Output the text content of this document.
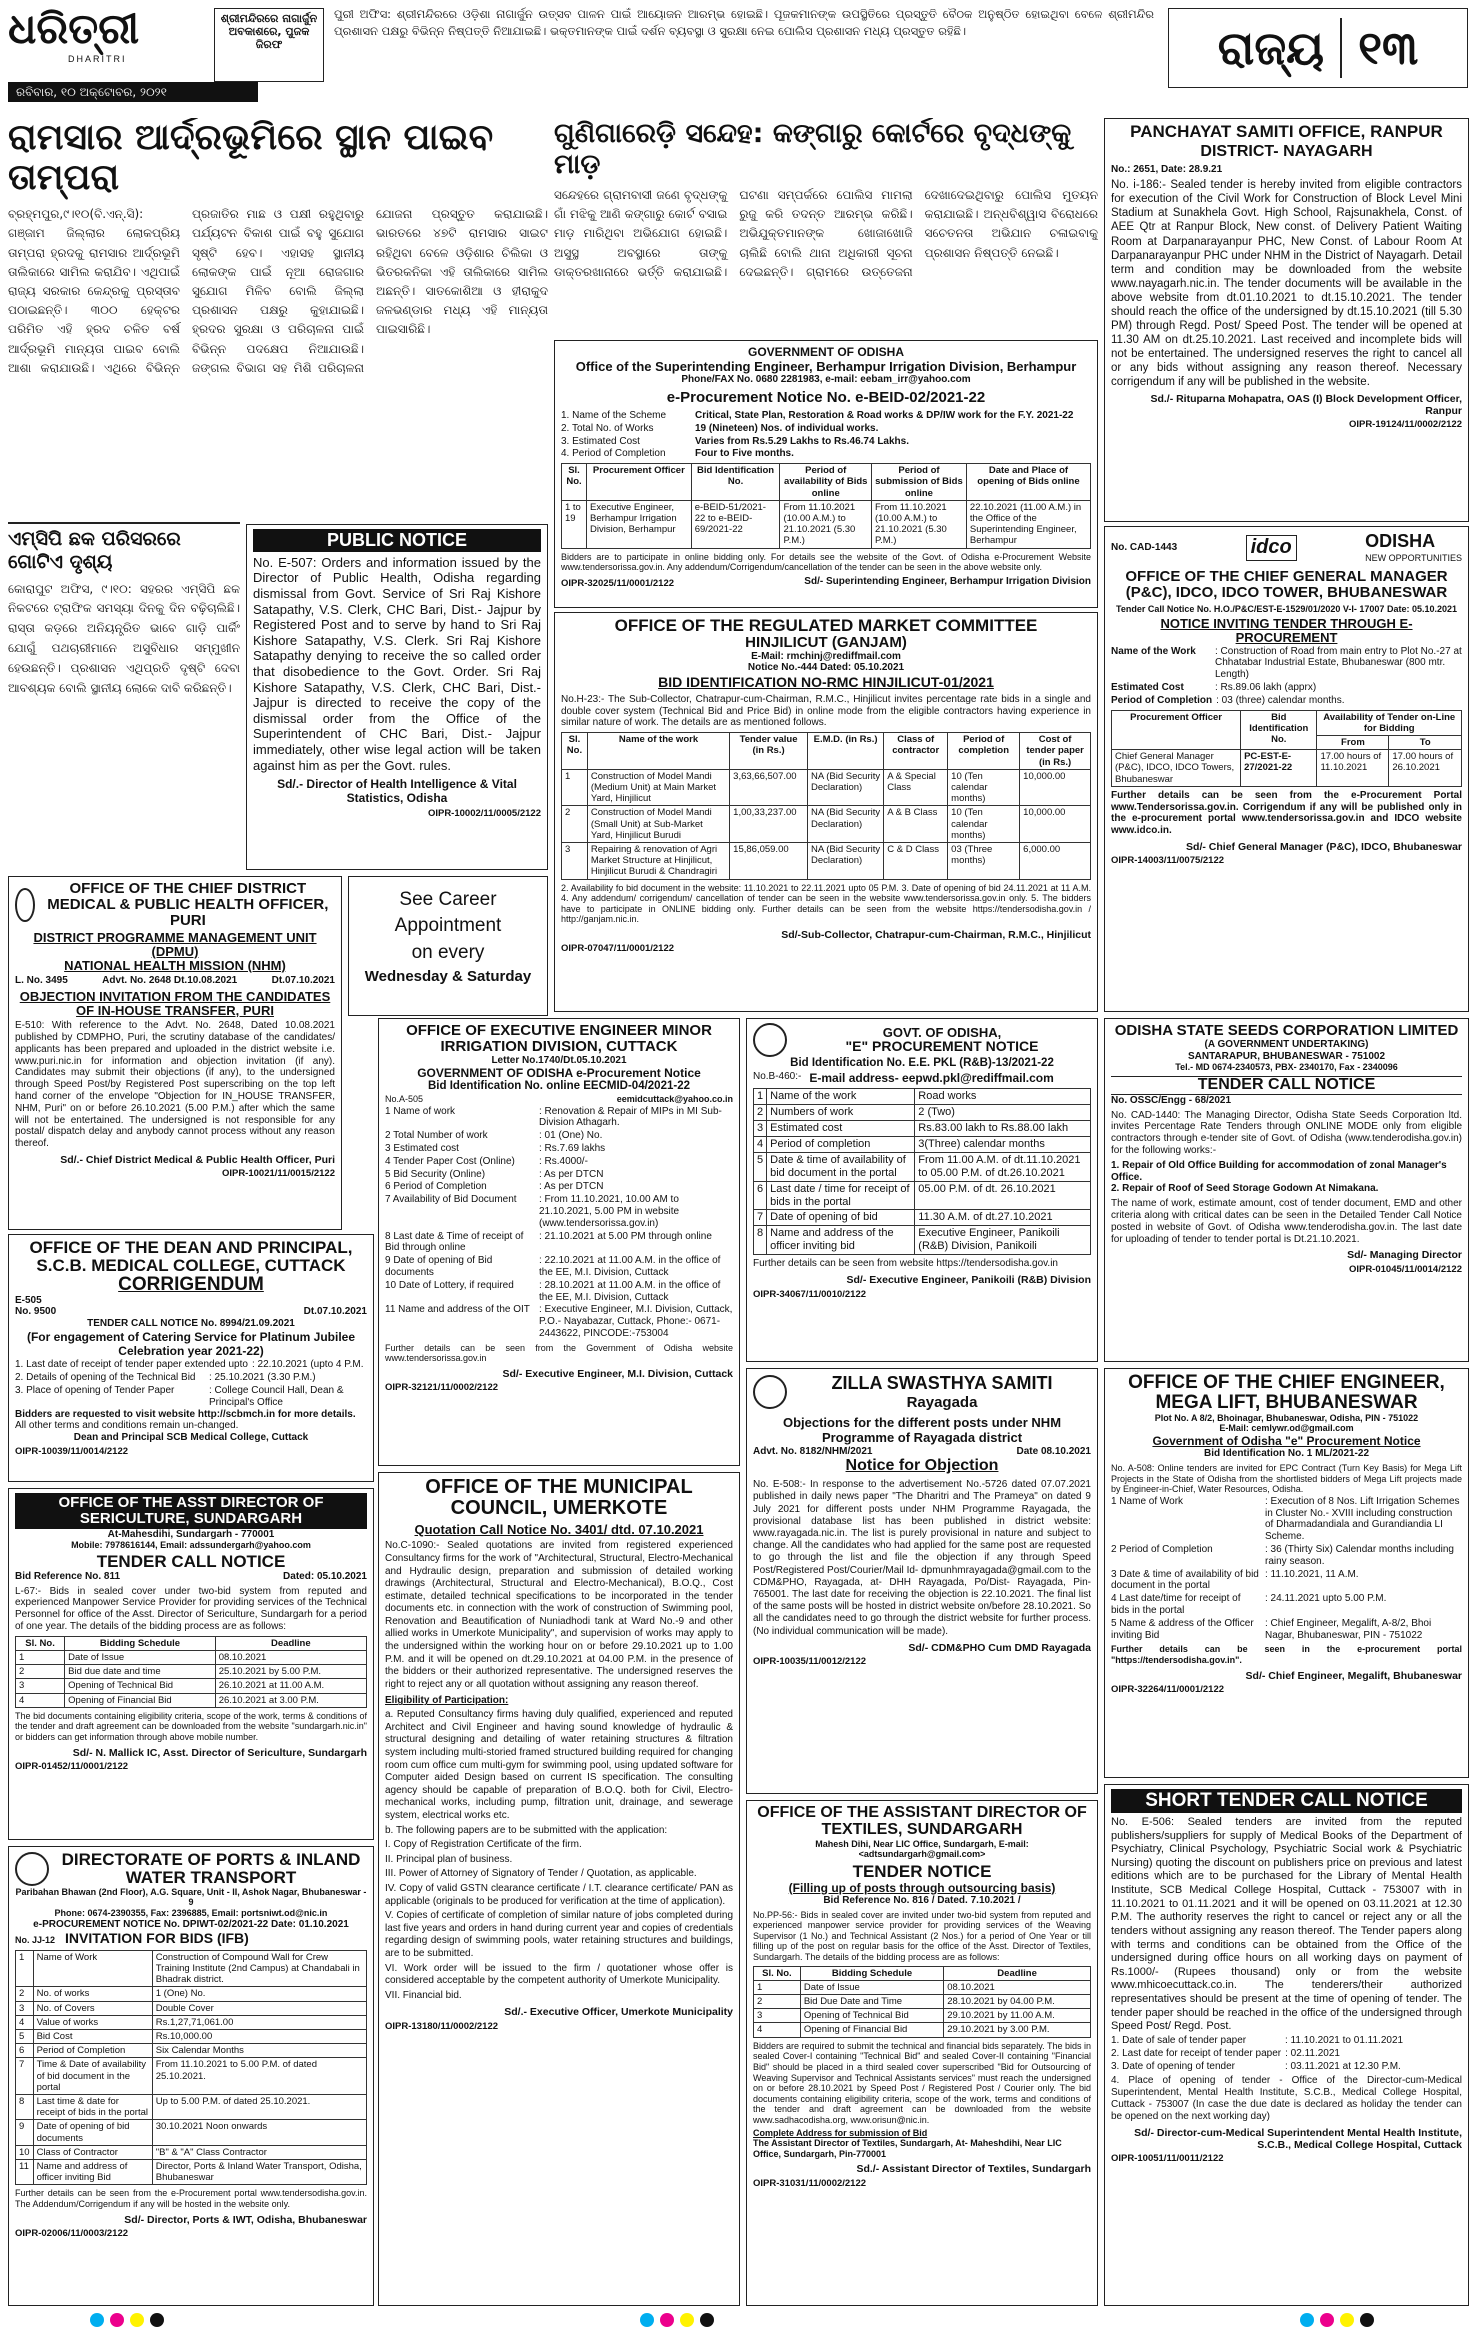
ଧରିତ୍ରୀ
DHARITRI
ରବିବାର, ୧୦ ଅକ୍ଟୋବର, ୨୦୨୧
ଶ୍ରୀମନ୍ଦିରରେ ନାଗାର୍ଜୁନ ଅବକାଶରେ, ପୁଜକ ଜିରଫ
ପୁରୀ ଅଫିସ: ଶ୍ରୀମନ୍ଦିରରେ ଓଡ଼ିଶା ନାଗାର୍ଜୁନ ଉତ୍ସବ ପାଳନ ପାଇଁ ଆୟୋଜନ ଆରମ୍ଭ ହୋଇଛି। ପୂଜକମାନଙ୍କ ଉପସ୍ଥିତିରେ ପ୍ରସ୍ତୁତି ବୈଠକ ଅନୁଷ୍ଠିତ ହୋଇଥିବା ବେଳେ ଶ୍ରୀମନ୍ଦିର ପ୍ରଶାସନ ପକ୍ଷରୁ ବିଭିନ୍ନ ନିଷ୍ପତ୍ତି ନିଆଯାଇଛି। ଭକ୍ତମାନଙ୍କ ପାଇଁ ଦର୍ଶନ ବ୍ୟବସ୍ଥା ଓ ସୁରକ୍ଷା ନେଇ ପୋଲିସ ପ୍ରଶାସନ ମଧ୍ୟ ପ୍ରସ୍ତୁତ ରହିଛି।	ରାଜ୍ୟ ୧୩
ରାମସାର ଆର୍ଦ୍ରଭୂମିରେ ସ୍ଥାନ ପାଇବ ତାମ୍ପରା
ବ୍ରହ୍ମପୁର,୯।୧୦(ବି.ଏନ୍.ସି): ଗଞ୍ଜାମ ଜିଲ୍ଲାର ଲୋକପ୍ରିୟ ତାମ୍ପରା ହ୍ରଦକୁ ରାମସାର ଆର୍ଦ୍ରଭୂମି ତାଲିକାରେ ସାମିଲ କରାଯିବ। ଏଥିପାଇଁ ରାଜ୍ୟ ସରକାର କେନ୍ଦ୍ରକୁ ପ୍ରସ୍ତାବ ପଠାଇଛନ୍ତି। ୩୦୦ ହେକ୍ଟର ପରିମିତ ଏହି ହ୍ରଦ ଚଳିତ ବର୍ଷ ଆର୍ଦ୍ରଭୂମି ମାନ୍ୟତା ପାଇବ ବୋଲି ଆଶା କରାଯାଉଛି। ଏଥିରେ ବିଭିନ୍ନ ପ୍ରଜାତିର ମାଛ ଓ ପକ୍ଷୀ ରହୁଥିବାରୁ ପର୍ଯ୍ୟଟନ ବିକାଶ ପାଇଁ ବହୁ ସୁଯୋଗ ସୃଷ୍ଟି ହେବ। ଏହାସହ ସ୍ଥାନୀୟ ଲୋକଙ୍କ ପାଇଁ ନୂଆ ରୋଜଗାର ସୁଯୋଗ ମିଳିବ ବୋଲି ଜିଲ୍ଲା ପ୍ରଶାସନ ପକ୍ଷରୁ କୁହାଯାଇଛି। ହ୍ରଦର ସୁରକ୍ଷା ଓ ପରିଚାଳନା ପାଇଁ ବିଭିନ୍ନ ପଦକ୍ଷେପ ନିଆଯାଉଛି। ଜଙ୍ଗଲ ବିଭାଗ ସହ ମିଶି ପରିଚାଳନା ଯୋଜନା ପ୍ରସ୍ତୁତ କରାଯାଇଛି। ଭାରତରେ ୪୭ଟି ରାମସାର ସାଇଟ ରହିଥିବା ବେଳେ ଓଡ଼ିଶାର ଚିଲିକା ଓ ଭିତରକନିକା ଏହି ତାଲିକାରେ ସାମିଲ ଅଛନ୍ତି। ସାତକୋଶିଆ ଓ ହୀରାକୁଦ ଜଳଭଣ୍ଡାର ମଧ୍ୟ ଏହି ମାନ୍ୟତା ପାଇସାରିଛି।
ଏମ୍‌ସିପି ଛକ ପରିସରରେ ଗୋଟିଏ ଦୃଶ୍ୟ
କୋରାପୁଟ ଅଫିସ, ୯।୧୦: ସହରର ଏମ୍‌ସିପି ଛକ ନିକଟରେ ଟ୍ରାଫିକ ସମସ୍ୟା ଦିନକୁ ଦିନ ବଢ଼ିଚାଲିଛି। ରାସ୍ତା କଡ଼ରେ ଅନିୟନ୍ତ୍ରିତ ଭାବେ ଗାଡ଼ି ପାର୍କିଂ ଯୋଗୁଁ ପଥଚାରୀମାନେ ଅସୁବିଧାର ସମ୍ମୁଖୀନ ହେଉଛନ୍ତି। ପ୍ରଶାସନ ଏଥିପ୍ରତି ଦୃଷ୍ଟି ଦେବା ଆବଶ୍ୟକ ବୋଲି ସ୍ଥାନୀୟ ଲୋକେ ଦାବି କରିଛନ୍ତି।
PUBLIC NOTICE
No. E-507: Orders and information issued by the Director of Public Health, Odisha regarding dismissal from Govt. Service of Sri Raj Kishore Satapathy, V.S. Clerk, CHC Bari, Dist.- Jajpur by Registered Post and to serve by hand to Sri Raj Kishore Satapathy, V.S. Clerk. Sri Raj Kishore Satapathy denying to receive the so called order that disobedience to the Govt. Order. Sri Raj Kishore Satapathy, V.S. Clerk, CHC Bari, Dist.- Jajpur is directed to receive the copy of the dismissal order from the Office of the Superintendent of CHC Bari, Dist.- Jajpur immediately, other wise legal action will be taken against him as per the Govt. rules.
Sd/.- Director of Health Intelligence & Vital Statistics, Odisha
OIPR-10002/11/0005/2122
ଗୁଣିଗାରେଡ଼ି ସନ୍ଦେହ: କଙ୍ଗାରୁ କୋର୍ଟରେ ବୃଦ୍ଧଙ୍କୁ ମାଡ଼
ସନ୍ଦେହରେ ଗ୍ରାମବାସୀ ଜଣେ ବୃଦ୍ଧଙ୍କୁ ଗାଁ ମଝିକୁ ଆଣି କଙ୍ଗାରୁ କୋର୍ଟ ବସାଇ ମାଡ଼ ମାରିଥିବା ଅଭିଯୋଗ ହୋଇଛି। ଅସୁସ୍ଥ ଅବସ୍ଥାରେ ତାଙ୍କୁ ଡାକ୍ତରଖାନାରେ ଭର୍ତ୍ତି କରାଯାଇଛି। ଘଟଣା ସମ୍ପର୍କରେ ପୋଲିସ ମାମଲା ରୁଜୁ କରି ତଦନ୍ତ ଆରମ୍ଭ କରିଛି। ଅଭିଯୁକ୍ତମାନଙ୍କ ଖୋଜାଖୋଜି ଚାଲିଛି ବୋଲି ଥାନା ଅଧିକାରୀ ସୂଚନା ଦେଇଛନ୍ତି। ଗ୍ରାମରେ ଉତ୍ତେଜନା ଦେଖାଦେଇଥିବାରୁ ପୋଲିସ ମୁତୟନ କରାଯାଇଛି। ଅନ୍ଧବିଶ୍ୱାସ ବିରୋଧରେ ସଚେତନତା ଅଭିଯାନ ଚଳାଇବାକୁ ପ୍ରଶାସନ ନିଷ୍ପତ୍ତି ନେଇଛି।
GOVERNMENT OF ODISHA
Office of the Superintending Engineer, Berhampur Irrigation Division, Berhampur
Phone/FAX No. 0680 2281983, e-mail: eebam_irr@yahoo.com
e-Procurement Notice No. e-BEID-02/2021-22
1. Name of the Scheme	Critical, State Plan, Restoration & Road works & DP/IW work for the F.Y. 2021-22
2. Total No. of Works	19 (Nineteen) Nos. of individual works.
3. Estimated Cost	Varies from Rs.5.29 Lakhs to Rs.46.74 Lakhs.
4. Period of Completion	Four to Five months.
Sl. No.	Procurement Officer	Bid Identification No.	Period of availability of Bids online	Period of submission of Bids online	Date and Place of opening of Bids online
1 to 19	Executive Engineer, Berhampur Irrigation Division, Berhampur	e-BEID-51/2021-22 to e-BEID-69/2021-22	From 11.10.2021 (10.00 A.M.) to 21.10.2021 (5.30 P.M.)	From 11.10.2021 (10.00 A.M.) to 21.10.2021 (5.30 P.M.)	22.10.2021 (11.00 A.M.) in the Office of the Superintending Engineer, Berhampur
Bidders are to participate in online bidding only. For details see the website of the Govt. of Odisha e-Procurement Website www.tendersorissa.gov.in. Any addendum/Corrigendum/cancellation of the tender can be seen in the above website only.
OIPR-32025/11/0001/2122	Sd/- Superintending Engineer, Berhampur Irrigation Division
OFFICE OF THE REGULATED MARKET COMMITTEE
HINJILICUT (GANJAM)
E-Mail: rmchinj@rediffmail.com
Notice No.-444 Dated: 05.10.2021
BID IDENTIFICATION NO-RMC HINJILICUT-01/2021
No.H-23:- The Sub-Collector, Chatrapur-cum-Chairman, R.M.C., Hinjilicut invites percentage rate bids in a single and double cover system (Technical Bid and Price Bid) in online mode from the eligible contractors having experience in similar nature of work. The details are as mentioned follows.
Sl. No.	Name of the work	Tender value (in Rs.)	E.M.D. (in Rs.)	Class of contractor	Period of completion	Cost of tender paper (in Rs.)
1	Construction of Model Mandi (Medium Unit) at Main Market Yard, Hinjilicut	3,63,66,507.00	NA (Bid Security Declaration)	A & Special Class	10 (Ten calendar months)	10,000.00
2	Construction of Model Mandi (Small Unit) at Sub-Market Yard, Hinjilicut Burudi	1,00,33,237.00	NA (Bid Security Declaration)	A & B Class	10 (Ten calendar months)	10,000.00
3	Repairing & renovation of Agri Market Structure at Hinjilicut, Hinjilicut Burudi & Chandragiri	15,86,059.00	NA (Bid Security Declaration)	C & D Class	03 (Three months)	6,000.00
2. Availability fo bid document in the website: 11.10.2021 to 22.11.2021 upto 05 P.M. 3. Date of opening of bid 24.11.2021 at 11 A.M. 4. Any addendum/ corrigendum/ cancellation of tender can be seen in the website www.tendersorissa.gov.in only. 5. The bidders have to participate in ONLINE bidding only. Further details can be seen from the website https://tendersodisha.gov.in / http://ganjam.nic.in.
Sd/-Sub-Collector, Chatrapur-cum-Chairman, R.M.C., Hinjilicut
OIPR-07047/11/0001/2122
PANCHAYAT SAMITI OFFICE, RANPUR
DISTRICT- NAYAGARH
No.: 2651, Date: 28.9.21
No. i-186:- Sealed tender is hereby invited from eligible contractors for execution of the Civil Work for Construction of Block Level Mini Stadium at Sunakhela Govt. High School, Rajsunakhela, Const. of AEE Qtr at Ranpur Block, New const. of Delivery Patient Waiting Room at Darpanarayanpur PHC, New Const. of Labour Room At Darpanarayanpur PHC under NHM in the District of Nayagarh. Detail term and condition may be downloaded from the website www.nayagarh.nic.in. The tender documents will be available in the above website from dt.01.10.2021 to dt.15.10.2021. The tender should reach the office of the undersigned by dt.15.10.2021 (till 5.30 PM) through Regd. Post/ Speed Post. The tender will be opened at 11.30 AM on dt.25.10.2021. Last received and incomplete bids will not be entertained. The undersigned reserves the right to cancel all or any bids without assigning any reason thereof. Necessary corrigendum if any will be published in the website.
Sd./- Rituparna Mohapatra, OAS (I) Block Development Officer, Ranpur
OIPR-19124/11/0002/2122
No. CAD-1443	idco	ODISHA
NEW OPPORTUNITIES
OFFICE OF THE CHIEF GENERAL MANAGER (P&C), IDCO, IDCO TOWER, BHUBANESWAR
Tender Call Notice No. H.O./P&C/EST-E-1529/01/2020 V-I- 17007 Date: 05.10.2021
NOTICE INVITING TENDER THROUGH E-PROCUREMENT
Name of the Work	: Construction of Road from main entry to Plot No.-27 at Chhatabar Industrial Estate, Bhubaneswar (800 mtr. Length)
Estimated Cost	: Rs.89.06 lakh (apprx)
Period of Completion : 03 (three) calendar months.
Procurement Officer	Bid Identification No.	Availability of Tender on-Line for Bidding	
		From	To
Chief General Manager (P&C), IDCO, IDCO Towers, Bhubaneswar	PC-EST-E-27/2021-22	17.00 hours of 11.10.2021	17.00 hours of 26.10.2021
Further details can be seen from the e-Procurement Portal www.Tendersorissa.gov.in. Corrigendum if any will be published only in the e-procurement portal www.tendersorissa.gov.in and IDCO website www.idco.in.
Sd/- Chief General Manager (P&C), IDCO, Bhubaneswar
OIPR-14003/11/0075/2122
OFFICE OF THE CHIEF DISTRICT MEDICAL & PUBLIC HEALTH OFFICER, PURI
DISTRICT PROGRAMME MANAGEMENT UNIT (DPMU)
NATIONAL HEALTH MISSION (NHM)
L. No. 3495	Advt. No. 2648 Dt.10.08.2021	Dt.07.10.2021
OBJECTION INVITATION FROM THE CANDIDATES OF IN-HOUSE TRANSFER, PURI
E-510: With reference to the Advt. No. 2648, Dated 10.08.2021 published by CDMPHO, Puri, the scrutiny database of the candidates/ applicants has been prepared and uploaded in the district website i.e. www.puri.nic.in for information and objection invitation (if any). Candidates may submit their objections (if any), to the undersigned through Speed Post/by Registered Post superscribing on the top left hand corner of the envelope "Objection for IN_HOUSE TRANSFER, NHM, Puri" on or before 26.10.2021 (5.00 P.M.) after which the same will not be entertained. The undersigned is not responsible for any postal/ dispatch delay and anybody cannot process without any reason thereof.
Sd/.- Chief District Medical & Public Health Officer, Puri
OIPR-10021/11/0015/2122
See Career
Appointment
on every
Wednesday & Saturday
OFFICE OF EXECUTIVE ENGINEER MINOR IRRIGATION DIVISION, CUTTACK
Letter No.1740/Dt.05.10.2021
GOVERNMENT OF ODISHA e-Procurement Notice
Bid Identification No. online EECMID-04/2021-22
No.A-505	eemidcuttack@yahoo.co.in
1 Name of work	: Renovation & Repair of MIPs in MI Sub-Division Athagarh.
2 Total Number of work	: 01 (One) No.
3 Estimated cost	: Rs.7.69 lakhs
4 Tender Paper Cost (Online)	: Rs.4000/-
5 Bid Security (Online)	: As per DTCN
6 Period of Completion	: As per DTCN
7 Availability of Bid Document	: From 11.10.2021, 10.00 AM to 21.10.2021, 5.00 PM in website (www.tendersorissa.gov.in)
8 Last date & Time of receipt of Bid through online
: 21.10.2021 at 5.00 PM through online
9 Date of opening of Bid documents
: 22.10.2021 at 11.00 A.M. in the office of the EE, M.I. Division, Cuttack
10 Date of Lottery, if required	: 28.10.2021 at 11.00 A.M. in the office of the EE, M.I. Division, Cuttack
11 Name and address of the OIT : Executive Engineer, M.I. Division, Cuttack, P.O.- Nayabazar, Cuttack, Phone:- 0671-2443622, PINCODE:-753004
Further details can be seen from the Government of Odisha website www.tendersorissa.gov.in
Sd/- Executive Engineer, M.I. Division, Cuttack
OIPR-32121/11/0002/2122
GOVT. OF ODISHA,
"E" PROCUREMENT NOTICE
Bid Identification No. E.E. PKL (R&B)-13/2021-22
No.B-460:- E-mail address- eepwd.pkl@rediffmail.com
1	Name of the work	Road works
2	Numbers of work	2 (Two)
3	Estimated cost	Rs.83.00 lakh to Rs.88.00 lakh
4	Period of completion	3(Three) calendar months
5	Date & time of availability of bid document in the portal	From 11.00 A.M. of dt.11.10.2021 to 05.00 P.M. of dt.26.10.2021
6	Last date / time for receipt of bids in the portal	05.00 P.M. of dt. 26.10.2021
7	Date of opening of bid	11.30 A.M. of dt.27.10.2021
8	Name and address of the officer inviting bid	Executive Engineer, Panikoili (R&B) Division, Panikoili
Further details can be seen from website https://tendersodisha.gov.in
Sd/- Executive Engineer, Panikoili (R&B) Division
OIPR-34067/11/0010/2122
ODISHA STATE SEEDS CORPORATION LIMITED
(A GOVERNMENT UNDERTAKING)
SANTARAPUR, BHUBANESWAR - 751002
Tel.- MD 0674-2340573, PBX- 2340170, Fax - 2340096
TENDER CALL NOTICE
No. OSSC/Engg - 68/2021
No. CAD-1440: The Managing Director, Odisha State Seeds Corporation ltd. invites Percentage Rate Tenders through ONLINE MODE only from eligible contractors through e-tender site of Govt. of Odisha (www.tenderodisha.gov.in) for the following works:-
1. Repair of Old Office Building for accommodation of zonal Manager's Office.
2. Repair of Roof of Seed Storage Godown At Nimakana.
The name of work, estimate amount, cost of tender document, EMD and other criteria along with critical dates can be seen in the Detailed Tender Call Notice posted in website of Govt. of Odisha www.tenderodisha.gov.in. The last date for uploading of tender to tender portal is Dt.21.10.2021.
Sd/- Managing Director
OIPR-01045/11/0014/2122
OFFICE OF THE DEAN AND PRINCIPAL, S.C.B. MEDICAL COLLEGE, CUTTACK
CORRIGENDUM
E-505
No. 9500	Dt.07.10.2021
TENDER CALL NOTICE No. 8994/21.09.2021
(For engagement of Catering Service for Platinum Jubilee Celebration year 2021-22)
1. Last date of receipt of tender paper extended upto : 22.10.2021 (upto 4 P.M.
2. Details of opening of the Technical Bid	: 25.10.2021 (3.30 P.M.)
3. Place of opening of Tender Paper	: College Council Hall, Dean & Principal's Office
Bidders are requested to visit website http://scbmch.in for more details.
All other terms and conditions remain un-changed.
Dean and Principal SCB Medical College, Cuttack
OIPR-10039/11/0014/2122
OFFICE OF THE ASST DIRECTOR OF SERICULTURE, SUNDARGARH
At-Mahesdihi, Sundargarh - 770001
Mobile: 7978616144, Email: adssundergarh@yahoo.com
TENDER CALL NOTICE
Bid Reference No. 811	Dated: 05.10.2021
L-67:- Bids in sealed cover under two-bid system from reputed and experienced Manpower Service Provider for providing services of the Technical Personnel for office of the Asst. Director of Sericulture, Sundargarh for a period of one year. The details of the bidding process are as follows:
Sl. No.	Bidding Schedule	Deadline
1	Date of Issue	08.10.2021
2	Bid due date and time	25.10.2021 by 5.00 P.M.
3	Opening of Technical Bid	26.10.2021 at 11.00 A.M.
4	Opening of Financial Bid	26.10.2021 at 3.00 P.M.
The bid documents containing eligibility criteria, scope of the work, terms & conditions of the tender and draft agreement can be downloaded from the website "sundargarh.nic.in" or bidders can get information through above mobile number.
Sd/- N. Mallick IC, Asst. Director of Sericulture, Sundargarh
OIPR-01452/11/0001/2122
DIRECTORATE OF PORTS & INLAND WATER TRANSPORT
Paribahan Bhawan (2nd Floor), A.G. Square, Unit - II, Ashok Nagar, Bhubaneswar - 9
Phone: 0674-2390355, Fax: 2396885, Email: portsniwt.od@nic.in
e-PROCUREMENT NOTICE No. DPIWT-02/2021-22 Date: 01.10.2021
No. JJ-12 INVITATION FOR BIDS (IFB)
1	Name of Work	Construction of Compound Wall for Crew Training Institute (2nd Campus) at Chandabali in Bhadrak district.
2	No. of works	1 (One) No.
3	No. of Covers	Double Cover
4	Value of works	Rs.1,27,71,061.00
5	Bid Cost	Rs.10,000.00
6	Period of Completion	Six Calendar Months
7	Time & Date of availability of bid document in the portal	From 11.10.2021 to 5.00 P.M. of dated 25.10.2021.
8	Last time & date for receipt of bids in the portal	Up to 5.00 P.M. of dated 25.10.2021.
9	Date of opening of bid documents	30.10.2021 Noon onwards
10	Class of Contractor	"B" & "A" Class Contractor
11	Name and address of officer inviting Bid	Director, Ports & Inland Water Transport, Odisha, Bhubaneswar
Further details can be seen from the e-Procurement portal www.tendersodisha.gov.in. The Addendum/Corrigendum if any will be hosted in the website only.
Sd/- Director, Ports & IWT, Odisha, Bhubaneswar
OIPR-02006/11/0003/2122
OFFICE OF THE MUNICIPAL COUNCIL, UMERKOTE
Quotation Call Notice No. 3401/ dtd. 07.10.2021
No.C-1090:- Sealed quotations are invited from registered experienced Consultancy firms for the work of "Architectural, Structural, Electro-Mechanical and Hydraulic design, preparation and submission of detailed working drawings (Architectural, Structural and Electro-Mechanical), B.O.Q., Cost estimate, detailed technical specifications to be incorporated in the tender documents etc. in connection with the work of construction of Swimming pool, Renovation and Beautification of Nuniadhodi tank at Ward No.-9 and other allied works in Umerkote Municipality", and supervision of works may apply to the undersigned within the working hour on or before 29.10.2021 up to 1.00 P.M. and it will be opened on dt.29.10.2021 at 04.00 P.M. in the presence of the bidders or their authorized representative. The undersigned reserves the right to reject any or all quotation without assigning any reason thereof.
Eligibility of Participation:
a. Reputed Consultancy firms having duly qualified, experienced and reputed Architect and Civil Engineer and having sound knowledge of hydraulic & structural designing and detailing of water retaining structures & filtration system including multi-storied framed structured building required for changing room cum office cum multi-gym for swimming pool, using updated software for Computer aided Design based on current IS specification. The consulting agency should be capable of preparation of B.O.Q. both for Civil, Electro-mechanical works, including pump, filtration unit, drainage, and sewerage system, electrical works etc.
b. The following papers are to be submitted with the application:
I. Copy of Registration Certificate of the firm.
II. Principal plan of business.
III. Power of Attorney of Signatory of Tender / Quotation, as applicable.
IV. Copy of valid GSTN clearance certificate / I.T. clearance certificate/ PAN as applicable (originals to be produced for verification at the time of application).
V. Copies of certificate of completion of similar nature of jobs completed during last five years and orders in hand during current year and copies of credentials regarding design of swimming pools, water retaining structures and buildings, are to be submitted.
VI. Work order will be issued to the firm / quotationer whose offer is considered acceptable by the competent authority of Umerkote Municipality.
VII. Financial bid.
Sd/.- Executive Officer, Umerkote Municipality
OIPR-13180/11/0002/2122
ZILLA SWASTHYA SAMITI
Rayagada
Objections for the different posts under NHM Programme of Rayagada district
Advt. No. 8182/NHM/2021	Date 08.10.2021
Notice for Objection
No. E-508:- In response to the advertisement No.-5726 dated 07.07.2021 published in daily news paper "The Dharitri and The Prameya" on dated 9 July 2021 for different posts under NHM Programme Rayagada, the provisional database list has been published in district website: www.rayagada.nic.in. The list is purely provisional in nature and subject to change. All the candidates who had applied for the same post are requested to go through the list and file the objection if any through Speed Post/Registered Post/Courier/Mail Id- dpmunhmrayagada@gmail.com to the CDM&PHO, Rayagada, at- DHH Rayagada, Po/Dist- Rayagada, Pin- 765001. The last date for receiving the objection is 22.10.2021. The final list of the same posts will be hosted in district website on/before 28.10.2021. So all the candidates need to go through the district website for further process. (No individual communication will be made).
Sd/- CDM&PHO Cum DMD Rayagada
OIPR-10035/11/0012/2122
OFFICE OF THE CHIEF ENGINEER, MEGA LIFT, BHUBANESWAR
Plot No. A 8/2, Bhoinagar, Bhubaneswar, Odisha, PIN - 751022
E-Mail: cemlywr.od@gmail.com
Government of Odisha "e" Procurement Notice
Bid Identification No. 1 ML/2021-22
No. A-508: Online tenders are invited for EPC Contract (Turn Key Basis) for Mega Lift Projects in the State of Odisha from the shortlisted bidders of Mega Lift projects made by Engineer-in-Chief, Water Resources, Odisha.
1 Name of Work	: Execution of 8 Nos. Lift Irrigation Schemes in Cluster No.- XVIII including construction of Dharmadandiala and Gurandiandia LI Scheme.
2 Period of Completion	: 36 (Thirty Six) Calendar months including rainy season.
3 Date & time of availability of bid document in the portal
: 11.10.2021, 11 A.M.
4 Last date/time for receipt of bids in the portal
: 24.11.2021 upto 5.00 P.M.
5 Name & address of the Officer inviting Bid
: Chief Engineer, Megalift, A-8/2, Bhoi Nagar, Bhubaneswar, PIN - 751022
Further details can be seen in the e-procurement portal "https://tendersodisha.gov.in".
Sd/- Chief Engineer, Megalift, Bhubaneswar
OIPR-32264/11/0001/2122
OFFICE OF THE ASSISTANT DIRECTOR OF TEXTILES, SUNDARGARH
Mahesh Dihi, Near LIC Office, Sundargarh, E-mail: <adtsundargarh@gmail.com>
TENDER NOTICE
(Filling up of posts through outsourcing basis)
Bid Reference No. 816 / Dated. 7.10.2021 /
No.PP-56:- Bids in sealed cover are invited under two-bid system from reputed and experienced manpower service provider for providing services of the Weaving Supervisor (1 No.) and Technical Assistant (2 Nos.) for a period of One Year or till filling up of the post on regular basis for the office of the Asst. Director of Textiles, Sundargarh. The details of the bidding process are as follows:
Sl. No.	Bidding Schedule	Deadline
1	Date of Issue	08.10.2021
2	Bid Due Date and Time	28.10.2021 by 04.00 P.M.
3	Opening of Technical Bid	29.10.2021 by 11.00 A.M.
4	Opening of Financial Bid	29.10.2021 by 3.00 P.M.
Bidders are required to submit the technical and financial bids separately. The bids in sealed Cover-I containing "Technical Bid" and sealed Cover-II containing "Financial Bid" should be placed in a third sealed cover superscribed "Bid for Outsourcing of Weaving Supervisor and Technical Assistants services" must reach the undersigned on or before 28.10.2021 by Speed Post / Registered Post / Courier only. The bid documents containing eligibility criteria, scope of the work, terms and conditions of the tender and draft agreement can be downloaded from the website www.sadhacodisha.org, www.orisun@nic.in.
Complete Address for submission of Bid
The Assistant Director of Textiles, Sundargarh, At- Maheshdihi, Near LIC Office, Sundargarh, Pin-770001
Sd./- Assistant Director of Textiles, Sundargarh
OIPR-31031/11/0002/2122
SHORT TENDER CALL NOTICE
No. E-506: Sealed tenders are invited from the reputed publishers/suppliers for supply of Medical Books of the Department of Psychiatry, Clinical Psychology, Psychiatric Social work & Psychiatric Nursing) quoting the discount on publishers price on previous and latest editions which are to be purchased for the Library of Mental Health Institute, SCB Medical College Hospital, Cuttack - 753007 with in 11.10.2021 to 01.11.2021 and it will be opened on 03.11.2021 at 12.30 P.M. The authority reserves the right to cancel or reject any or all the tenders without assigning any reason thereof. The Tender papers along with terms and conditions can be obtained from the Office of the undersigned during office hours on all working days on payment of Rs.1000/- (Rupees thousand) only or from the website www.mhicoecuttack.co.in. The tenderers/their authorized representatives should be present at the time of opening of tender. The tender paper should be reached in the office of the undersigned through Speed Post/ Regd. Post.
1. Date of sale of tender paper	: 11.10.2021 to 01.11.2021
2. Last date for receipt of tender paper : 02.11.2021
3. Date of opening of tender	: 03.11.2021 at 12.30 P.M.
4. Place of opening of tender - Office of the Director-cum-Medical Superintendent, Mental Health Institute, S.C.B., Medical College Hospital, Cuttack - 753007 (In case the due date is declared as holiday the tender can be opened on the next working day)
Sd/- Director-cum-Medical Superintendent Mental Health Institute, S.C.B., Medical College Hospital, Cuttack
OIPR-10051/11/0011/2122
